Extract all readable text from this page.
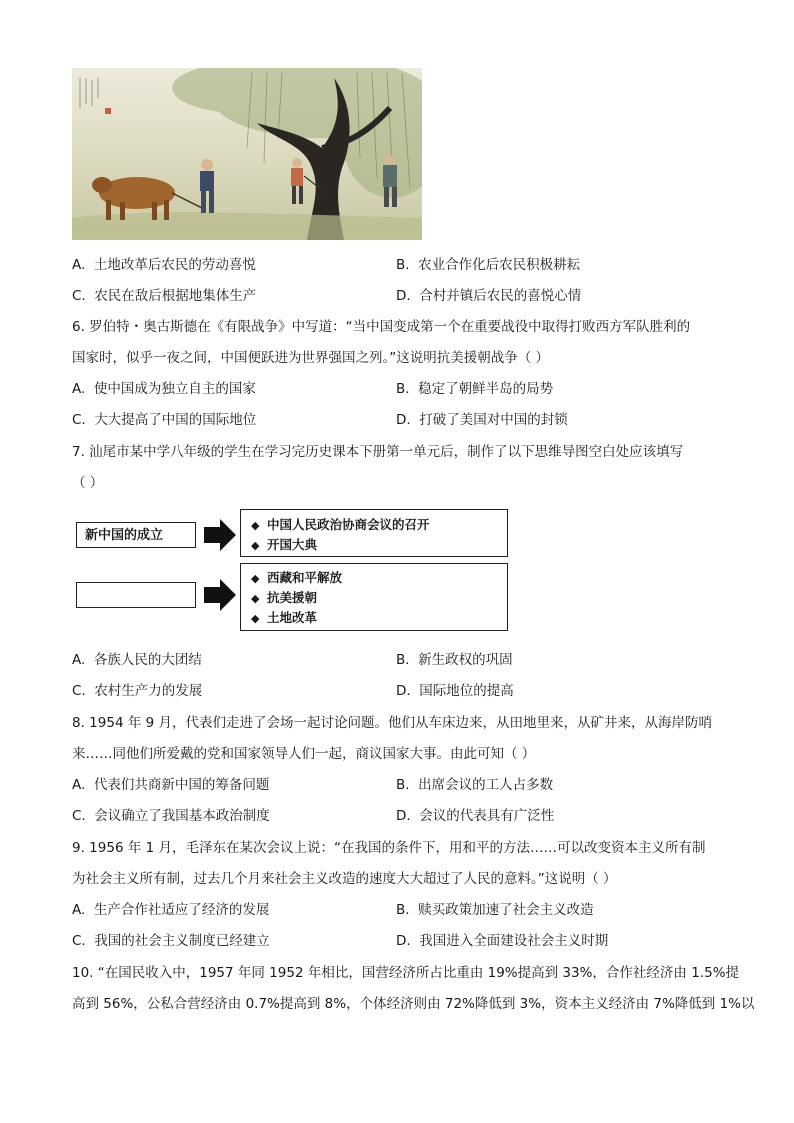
A. 土地改革后农民的劳动喜悦	B. 农业合作化后农民积极耕耘
C. 农民在敌后根据地集体生产	D. 合村并镇后农民的喜悦心情
6. 罗伯特・奥古斯德在《有限战争》中写道：“当中国变成第一个在重要战役中取得打败西方军队胜利的
国家时，似乎一夜之间，中国便跃进为世界强国之列。”这说明抗美援朝战争（ ）
A. 使中国成为独立自主的国家	B. 稳定了朝鲜半岛的局势
C. 大大提高了中国的国际地位	D. 打破了美国对中国的封锁
7. 汕尾市某中学八年级的学生在学习完历史课本下册第一单元后，制作了以下思维导图空白处应该填写
（ ）
新中国的成立
◆ 中国人民政治协商会议的召开
◆ 开国大典
◆ 西藏和平解放
◆ 抗美援朝
◆ 土地改革
A. 各族人民的大团结	B. 新生政权的巩固
C. 农村生产力的发展	D. 国际地位的提高
8. 1954 年 9 月，代表们走进了会场一起讨论问题。他们从车床边来，从田地里来，从矿井来，从海岸防哨
来……同他们所爱戴的党和国家领导人们一起，商议国家大事。由此可知（ ）
A. 代表们共商新中国的筹备问题	B. 出席会议的工人占多数
C. 会议确立了我国基本政治制度	D. 会议的代表具有广泛性
9. 1956 年 1 月，毛泽东在某次会议上说：“在我国的条件下，用和平的方法……可以改变资本主义所有制
为社会主义所有制，过去几个月来社会主义改造的速度大大超过了人民的意料。”这说明（ ）
A. 生产合作社适应了经济的发展	B. 赎买政策加速了社会主义改造
C. 我国的社会主义制度已经建立	D. 我国进入全面建设社会主义时期
10. “在国民收入中，1957 年同 1952 年相比，国营经济所占比重由 19%提高到 33%，合作社经济由 1.5%提
高到 56%，公私合营经济由 0.7%提高到 8%，个体经济则由 72%降低到 3%，资本主义经济由 7%降低到 1%以
